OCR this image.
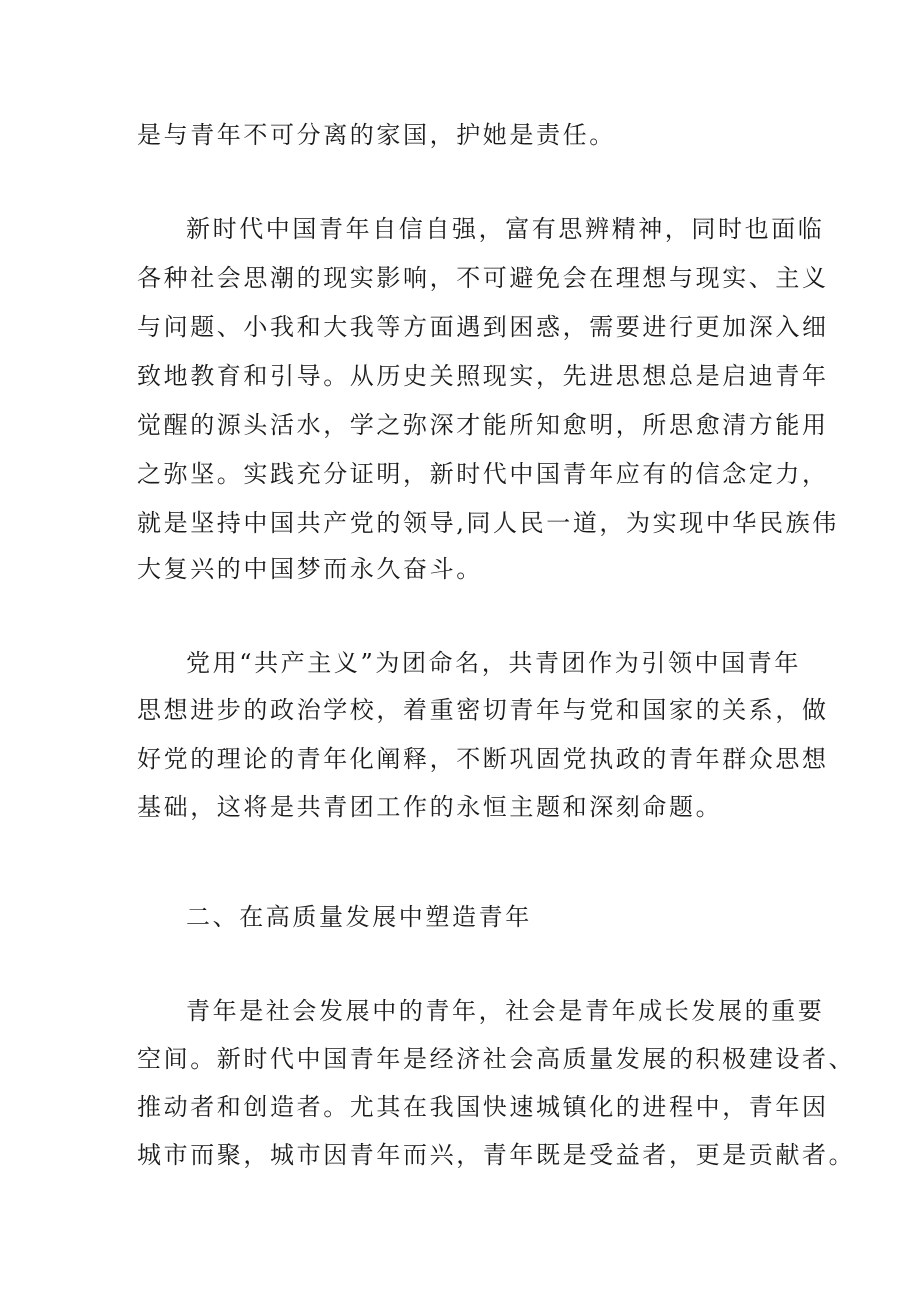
是与青年不可分离的家国，护她是责任。
新时代中国青年自信自强，富有思辨精神，同时也面临
各种社会思潮的现实影响，不可避免会在理想与现实、主义
与问题、小我和大我等方面遇到困惑，需要进行更加深入细
致地教育和引导。从历史关照现实，先进思想总是启迪青年
觉醒的源头活水，学之弥深才能所知愈明，所思愈清方能用
之弥坚。实践充分证明，新时代中国青年应有的信念定力，
就是坚持中国共产党的领导,同人民一道，为实现中华民族伟
大复兴的中国梦而永久奋斗。
党用“共产主义”为团命名，共青团作为引领中国青年
思想进步的政治学校，着重密切青年与党和国家的关系，做
好党的理论的青年化阐释，不断巩固党执政的青年群众思想
基础，这将是共青团工作的永恒主题和深刻命题。
二、在高质量发展中塑造青年
青年是社会发展中的青年，社会是青年成长发展的重要
空间。新时代中国青年是经济社会高质量发展的积极建设者、
推动者和创造者。尤其在我国快速城镇化的进程中，青年因
城市而聚，城市因青年而兴，青年既是受益者，更是贡献者。
